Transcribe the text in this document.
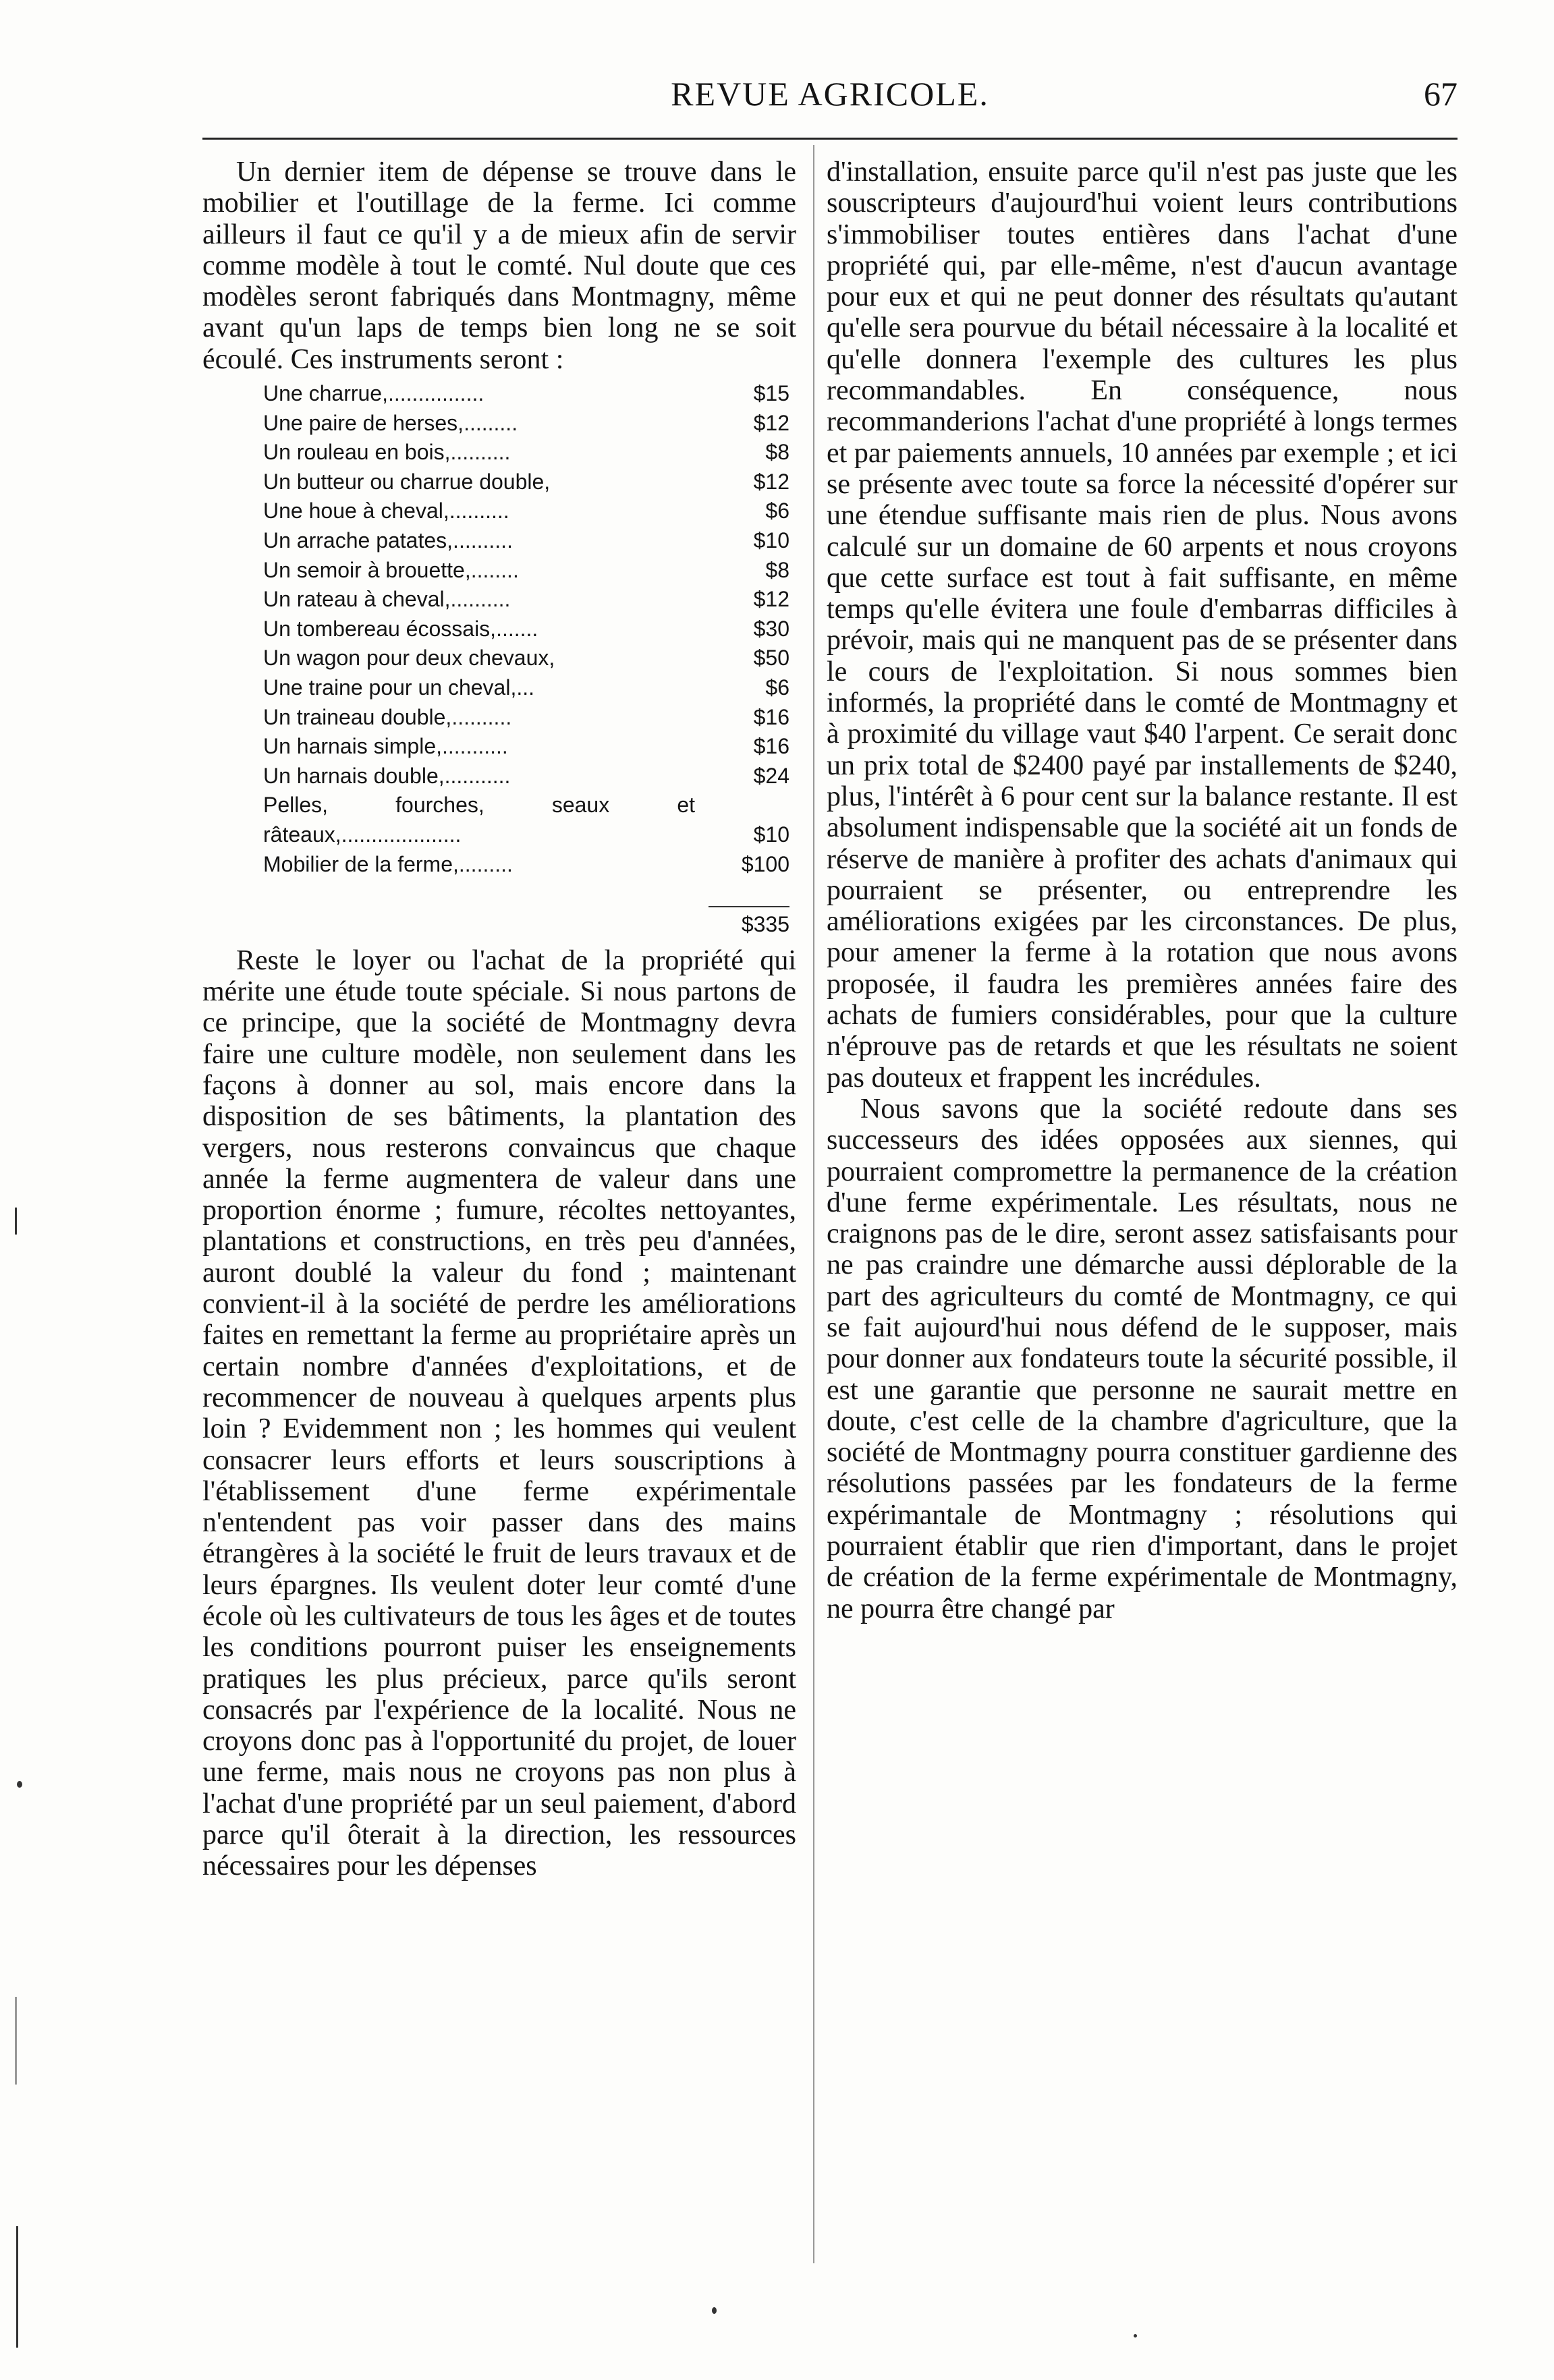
REVUE AGRICOLE.	67

Un dernier item de dépense se trouve dans le mobilier et l'outillage de la ferme. Ici comme ailleurs il faut ce qu'il y a de mieux afin de servir comme modèle à tout le comté. Nul doute que ces modèles seront fabriqués dans Montmagny, même avant qu'un laps de temps bien long ne se soit écoulé. Ces instruments seront :

Une charrue,................	$15
Une paire de herses,.........	$12
Un rouleau en bois,..........	$8
Un butteur ou charrue double,	$12
Une houe à cheval,..........	$6
Un arrache patates,..........	$10
Un semoir à brouette,........	$8
Un rateau à cheval,..........	$12
Un tombereau écossais,.......	$30
Un wagon pour deux chevaux,	$50
Une traine pour un cheval,...	$6
Un traineau double,..........	$16
Un harnais simple,...........	$16
Un harnais double,...........	$24
Pelles, fourches, seaux et râteaux,....................	$10
Mobilier de la ferme,.........	$100
$335

Reste le loyer ou l'achat de la propriété qui mérite une étude toute spéciale. Si nous partons de ce principe, que la société de Montmagny devra faire une culture modèle, non seulement dans les façons à donner au sol, mais encore dans la disposition de ses bâtiments, la plantation des vergers, nous resterons convaincus que chaque année la ferme augmentera de valeur dans une proportion énorme ; fumure, récoltes nettoyantes, plantations et constructions, en très peu d'années, auront doublé la valeur du fond ; maintenant convient-il à la société de perdre les améliorations faites en remettant la ferme au propriétaire après un certain nombre d'années d'exploitations, et de recommencer de nouveau à quelques arpents plus loin ? Evidemment non ; les hommes qui veulent consacrer leurs efforts et leurs souscriptions à l'établissement d'une ferme expérimentale n'entendent pas voir passer dans des mains étrangères à la société le fruit de leurs travaux et de leurs épargnes. Ils veulent doter leur comté d'une école où les cultivateurs de tous les âges et de toutes les conditions pourront puiser les enseignements pratiques les plus précieux, parce qu'ils seront consacrés par l'expérience de la localité. Nous ne croyons donc pas à l'opportunité du projet, de louer une ferme, mais nous ne croyons pas non plus à l'achat d'une propriété par un seul paiement, d'abord parce qu'il ôterait à la direction, les ressources nécessaires pour les dépenses

d'installation, ensuite parce qu'il n'est pas juste que les souscripteurs d'aujourd'hui voient leurs contributions s'immobiliser toutes entières dans l'achat d'une propriété qui, par elle-même, n'est d'aucun avantage pour eux et qui ne peut donner des résultats qu'autant qu'elle sera pourvue du bétail nécessaire à la localité et qu'elle donnera l'exemple des cultures les plus recommandables. En conséquence, nous recommanderions l'achat d'une propriété à longs termes et par paiements annuels, 10 années par exemple ; et ici se présente avec toute sa force la nécessité d'opérer sur une étendue suffisante mais rien de plus. Nous avons calculé sur un domaine de 60 arpents et nous croyons que cette surface est tout à fait suffisante, en même temps qu'elle évitera une foule d'embarras difficiles à prévoir, mais qui ne manquent pas de se présenter dans le cours de l'exploitation. Si nous sommes bien informés, la propriété dans le comté de Montmagny et à proximité du village vaut $40 l'arpent. Ce serait donc un prix total de $2400 payé par installements de $240, plus, l'intérêt à 6 pour cent sur la balance restante. Il est absolument indispensable que la société ait un fonds de réserve de manière à profiter des achats d'animaux qui pourraient se présenter, ou entreprendre les améliorations exigées par les circonstances. De plus, pour amener la ferme à la rotation que nous avons proposée, il faudra les premières années faire des achats de fumiers considérables, pour que la culture n'éprouve pas de retards et que les résultats ne soient pas douteux et frappent les incrédules.

Nous savons que la société redoute dans ses successeurs des idées opposées aux siennes, qui pourraient compromettre la permanence de la création d'une ferme expérimentale. Les résultats, nous ne craignons pas de le dire, seront assez satisfaisants pour ne pas craindre une démarche aussi déplorable de la part des agriculteurs du comté de Montmagny, ce qui se fait aujourd'hui nous défend de le supposer, mais pour donner aux fondateurs toute la sécurité possible, il est une garantie que personne ne saurait mettre en doute, c'est celle de la chambre d'agriculture, que la société de Montmagny pourra constituer gardienne des résolutions passées par les fondateurs de la ferme expérimantale de Montmagny ; résolutions qui pourraient établir que rien d'important, dans le projet de création de la ferme expérimentale de Montmagny, ne pourra être changé par
